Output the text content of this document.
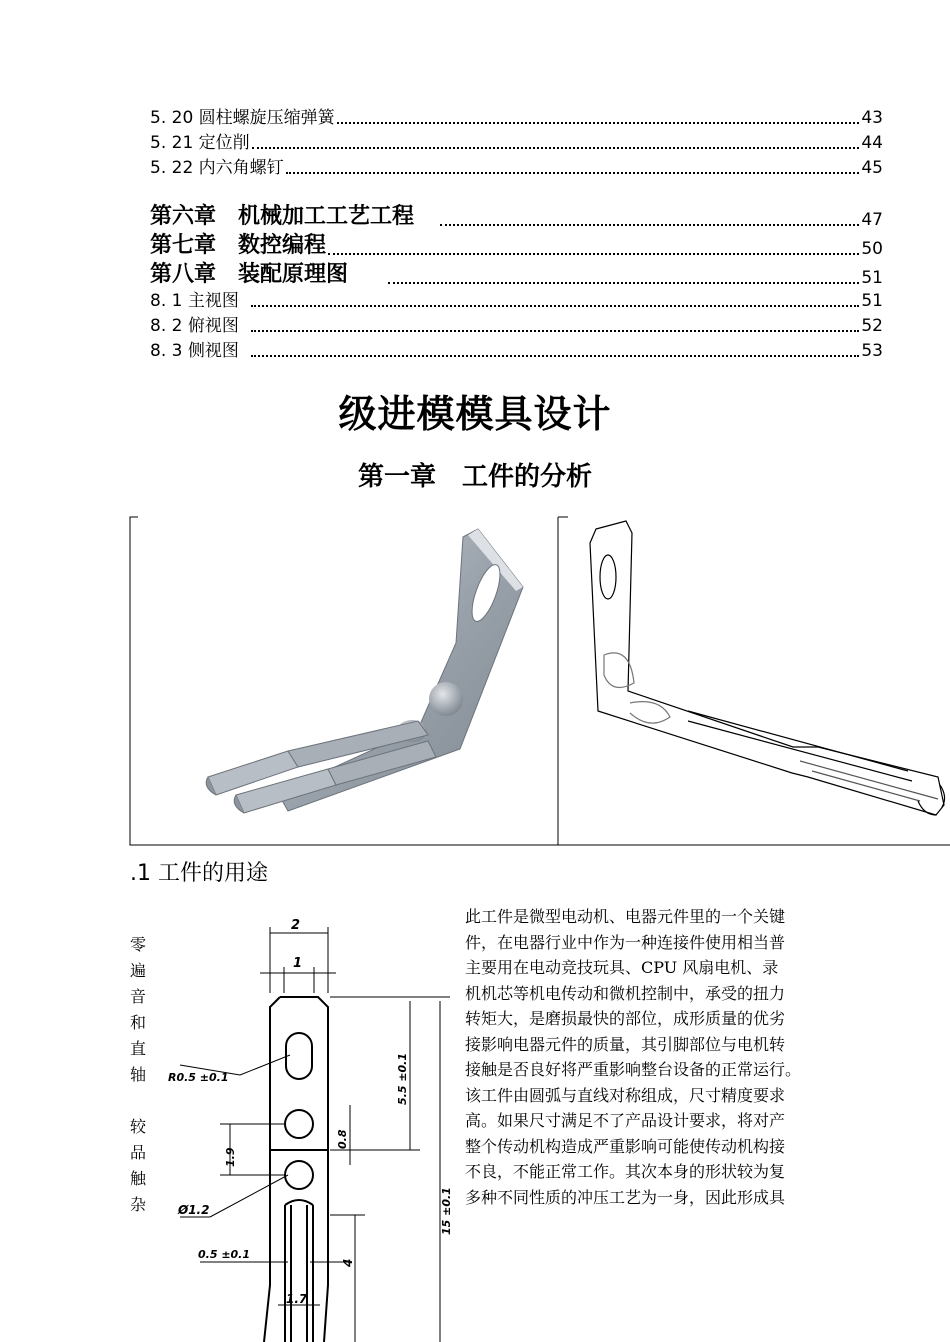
5. 20 圆柱螺旋压缩弹簧	43
5. 21 定位削	44
5. 22 内六角螺钉	45
第六章　机械加工工艺工程	47
第七章　数控编程	50
第八章　装配原理图	51
8. 1 主视图	51
8. 2 俯视图	52
8. 3 侧视图	53
级进模模具设计
第一章　工件的分析
.1 工件的用途
零
遍
音
和
直
轴
较
品
触
杂
2
1
R0.5 ±0.1	5.5 ±0.1
1.9
0.8
Ø1.2	15 ±0.1
0.5 ±0.1
4
1.7
此工件是微型电动机、电器元件里的一个关键
件，在电器行业中作为一种连接件使用相当普
主要用在电动竞技玩具、CPU 风扇电机、录
机机芯等机电传动和微机控制中，承受的扭力
转矩大，是磨损最快的部位，成形质量的优劣
接影响电器元件的质量，其引脚部位与电机转
接触是否良好将严重影响整台设备的正常运行。
该工件由圆弧与直线对称组成，尺寸精度要求
高。如果尺寸满足不了产品设计要求，将对产
整个传动机构造成严重影响可能使传动机构接
不良，不能正常工作。其次本身的形状较为复
多种不同性质的冲压工艺为一身，因此形成具
